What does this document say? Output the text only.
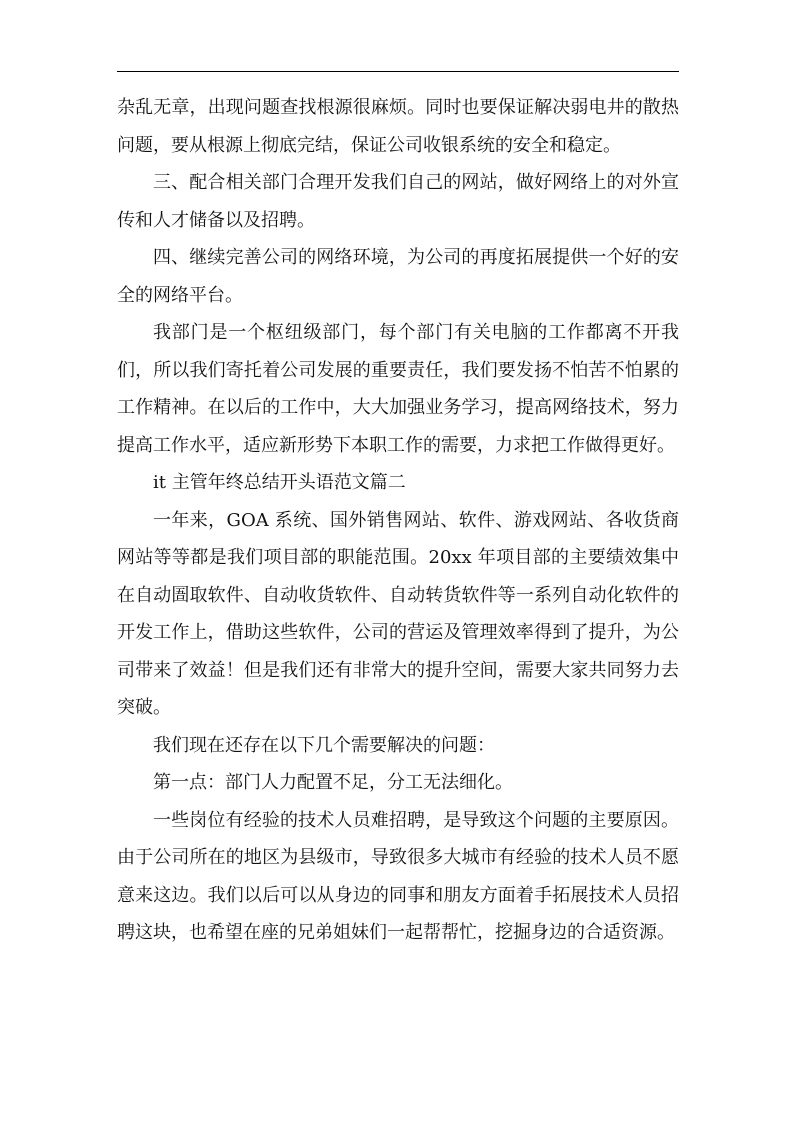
杂乱无章，出现问题查找根源很麻烦。同时也要保证解决弱电井的散热问题，要从根源上彻底完结，保证公司收银系统的安全和稳定。

三、配合相关部门合理开发我们自己的网站，做好网络上的对外宣传和人才储备以及招聘。

四、继续完善公司的网络环境，为公司的再度拓展提供一个好的安全的网络平台。

我部门是一个枢纽级部门，每个部门有关电脑的工作都离不开我们，所以我们寄托着公司发展的重要责任，我们要发扬不怕苦不怕累的工作精神。在以后的工作中，大大加强业务学习，提高网络技术，努力提高工作水平，适应新形势下本职工作的需要，力求把工作做得更好。

it 主管年终总结开头语范文篇二

一年来，GOA 系统、国外销售网站、软件、游戏网站、各收货商网站等等都是我们项目部的职能范围。20xx 年项目部的主要绩效集中在自动圄取软件、自动收货软件、自动转货软件等一系列自动化软件的开发工作上，借助这些软件，公司的营运及管理效率得到了提升，为公司带来了效益！但是我们还有非常大的提升空间，需要大家共同努力去突破。

我们现在还存在以下几个需要解决的问题：

第一点：部门人力配置不足，分工无法细化。

一些岗位有经验的技术人员难招聘，是导致这个问题的主要原因。由于公司所在的地区为县级市，导致很多大城市有经验的技术人员不愿意来这边。我们以后可以从身边的同事和朋友方面着手拓展技术人员招聘这块，也希望在座的兄弟姐妹们一起帮帮忙，挖掘身边的合适资源。
